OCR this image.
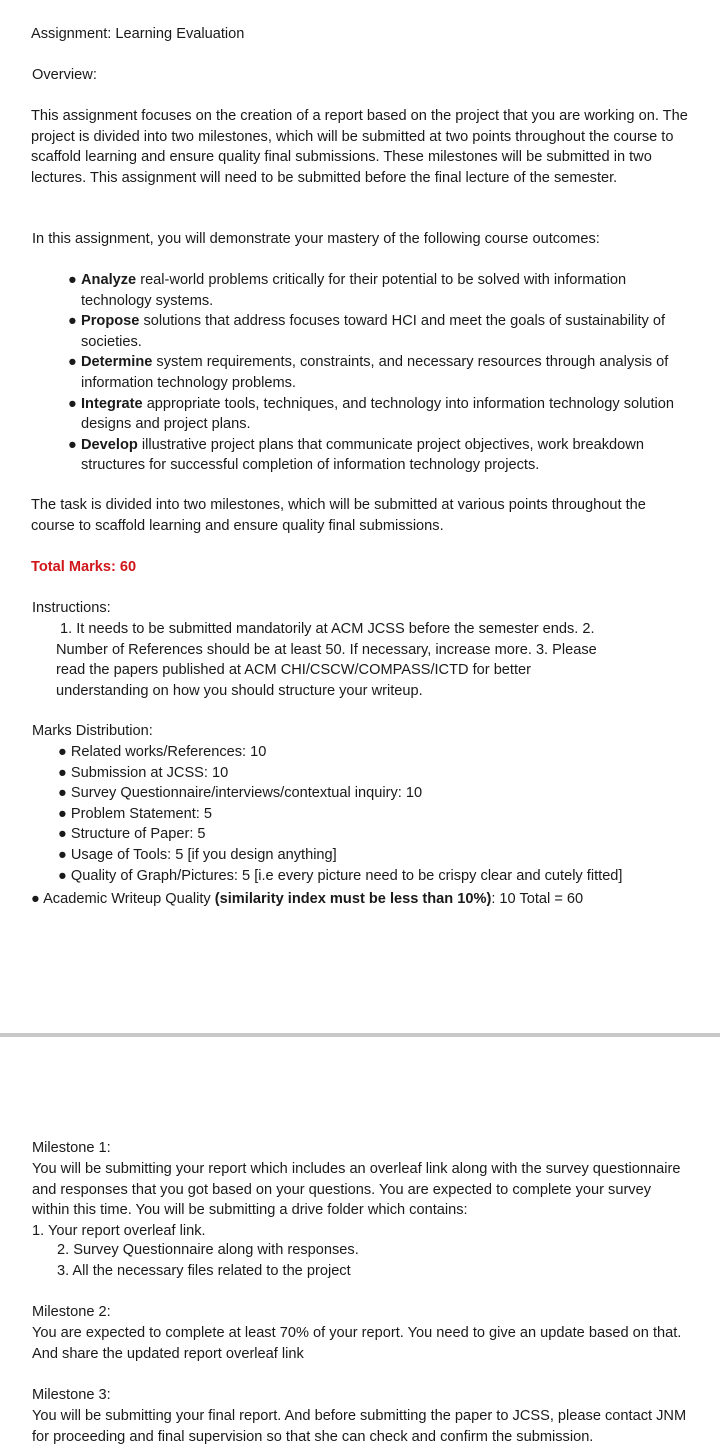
Assignment: Learning Evaluation

Overview:

This assignment focuses on the creation of a report based on the project that you are working on. The project is divided into two milestones, which will be submitted at two points throughout the course to scaffold learning and ensure quality final submissions. These milestones will be submitted in two lectures. This assignment will need to be submitted before the final lecture of the semester.

In this assignment, you will demonstrate your mastery of the following course outcomes:

● Analyze real-world problems critically for their potential to be solved with information technology systems.
● Propose solutions that address focuses toward HCI and meet the goals of sustainability of societies.
● Determine system requirements, constraints, and necessary resources through analysis of information technology problems.
● Integrate appropriate tools, techniques, and technology into information technology solution designs and project plans.
● Develop illustrative project plans that communicate project objectives, work breakdown structures for successful completion of information technology projects.

The task is divided into two milestones, which will be submitted at various points throughout the course to scaffold learning and ensure quality final submissions.

Total Marks: 60

Instructions:

1. It needs to be submitted mandatorily at ACM JCSS before the semester ends. 2.
Number of References should be at least 50. If necessary, increase more. 3. Please
read the papers published at ACM CHI/CSCW/COMPASS/ICTD for better
understanding on how you should structure your writeup.

Marks Distribution:

● Related works/References: 10
● Submission at JCSS: 10
● Survey Questionnaire/interviews/contextual inquiry: 10
● Problem Statement: 5
● Structure of Paper: 5
● Usage of Tools: 5 [if you design anything]
● Quality of Graph/Pictures: 5 [i.e every picture need to be crispy clear and cutely fitted]
● Academic Writeup Quality (similarity index must be less than 10%): 10 Total = 60

Milestone 1:

You will be submitting your report which includes an overleaf link along with the survey questionnaire and responses that you got based on your questions. You are expected to complete your survey within this time. You will be submitting a drive folder which contains:
1. Your report overleaf link.
2. Survey Questionnaire along with responses.
3. All the necessary files related to the project

Milestone 2:

You are expected to complete at least 70% of your report. You need to give an update based on that. And share the updated report overleaf link

Milestone 3:

You will be submitting your final report. And before submitting the paper to JCSS, please contact JNM for proceeding and final supervision so that she can check and confirm the submission.
